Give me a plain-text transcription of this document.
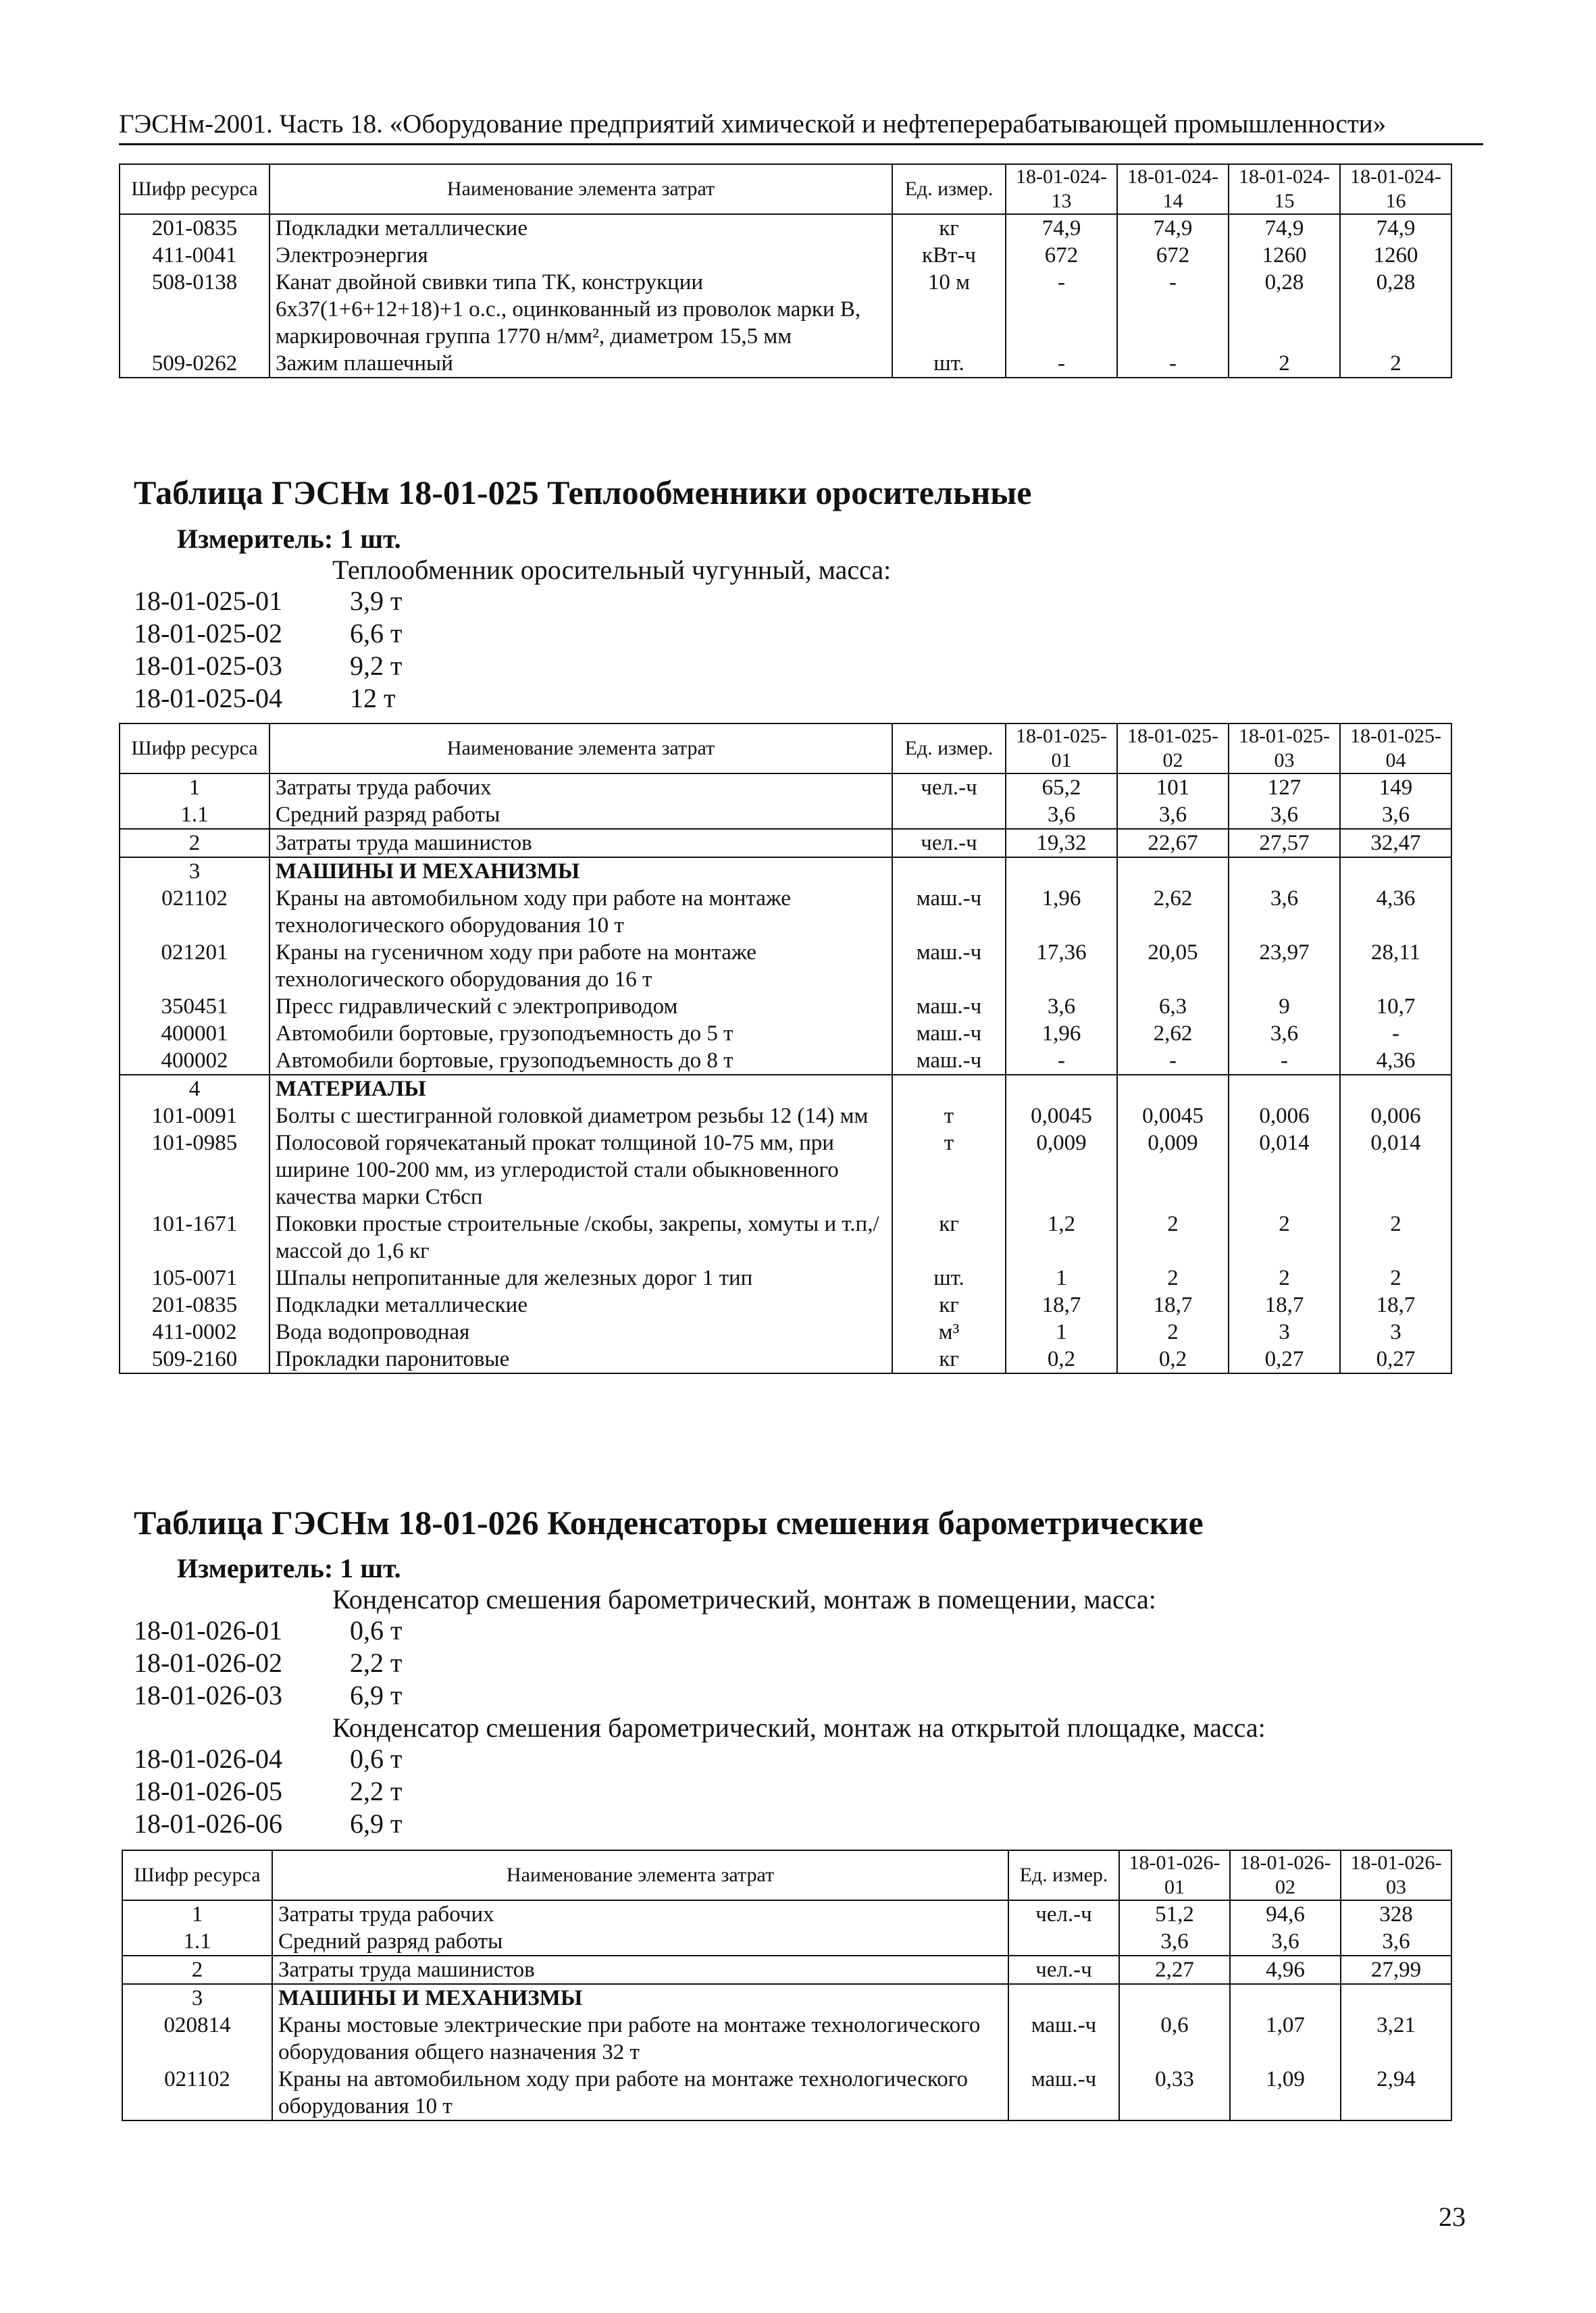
ГЭСНм-2001. Часть 18. «Оборудование предприятий химической и нефтеперерабатывающей промышленности»
Шифр ресурса	Наименование элемента затрат	Ед. измер.	18-01-024-13	18-01-024-14	18-01-024-15	18-01-024-16
201-0835	Подкладки металлические	кг	74,9	74,9	74,9	74,9
411-0041	Электроэнергия	кВт-ч	672	672	1260	1260
508-0138	Канат двойной свивки типа ТК, конструкции 6х37(1+6+12+18)+1 о.с., оцинкованный из проволок марки В, маркировочная группа 1770 н/мм², диаметром 15,5 мм	10 м	-	-	0,28	0,28
509-0262	Зажим плашечный	шт.	-	-	2	2
Таблица ГЭСНм 18-01-025 Теплообменники оросительные
Измеритель: 1 шт.
Теплообменник оросительный чугунный, масса:
18-01-025-01	3,9 т
18-01-025-02	6,6 т
18-01-025-03	9,2 т
18-01-025-04	12 т
Шифр ресурса	Наименование элемента затрат	Ед. измер.	18-01-025-01	18-01-025-02	18-01-025-03	18-01-025-04
1	Затраты труда рабочих	чел.-ч	65,2	101	127	149
1.1	Средний разряд работы		3,6	3,6	3,6	3,6
2	Затраты труда машинистов	чел.-ч	19,32	22,67	27,57	32,47
3	МАШИНЫ И МЕХАНИЗМЫ					
021102	Краны на автомобильном ходу при работе на монтаже технологического оборудования 10 т	маш.-ч	1,96	2,62	3,6	4,36
021201	Краны на гусеничном ходу при работе на монтаже технологического оборудования до 16 т	маш.-ч	17,36	20,05	23,97	28,11
350451	Пресс гидравлический с электроприводом	маш.-ч	3,6	6,3	9	10,7
400001	Автомобили бортовые, грузоподъемность до 5 т	маш.-ч	1,96	2,62	3,6	-
400002	Автомобили бортовые, грузоподъемность до 8 т	маш.-ч	-	-	-	4,36
4	МАТЕРИАЛЫ					
101-0091	Болты с шестигранной головкой диаметром резьбы 12 (14) мм	т	0,0045	0,0045	0,006	0,006
101-0985	Полосовой горячекатаный прокат толщиной 10-75 мм, при ширине 100-200 мм, из углеродистой стали обыкновенного качества марки Ст6сп	т	0,009	0,009	0,014	0,014
101-1671	Поковки простые строительные /скобы, закрепы, хомуты и т.п,/ массой до 1,6 кг	кг	1,2	2	2	2
105-0071	Шпалы непропитанные для железных дорог 1 тип	шт.	1	2	2	2
201-0835	Подкладки металлические	кг	18,7	18,7	18,7	18,7
411-0002	Вода водопроводная	м³	1	2	3	3
509-2160	Прокладки паронитовые	кг	0,2	0,2	0,27	0,27
Таблица ГЭСНм 18-01-026 Конденсаторы смешения барометрические
Измеритель: 1 шт.
Конденсатор смешения барометрический, монтаж в помещении, масса:
18-01-026-01	0,6 т
18-01-026-02	2,2 т
18-01-026-03	6,9 т
Конденсатор смешения барометрический, монтаж на открытой площадке, масса:
18-01-026-04	0,6 т
18-01-026-05	2,2 т
18-01-026-06	6,9 т
Шифр ресурса	Наименование элемента затрат	Ед. измер.	18-01-026-01	18-01-026-02	18-01-026-03
1	Затраты труда рабочих	чел.-ч	51,2	94,6	328
1.1	Средний разряд работы		3,6	3,6	3,6
2	Затраты труда машинистов	чел.-ч	2,27	4,96	27,99
3	МАШИНЫ И МЕХАНИЗМЫ				
020814	Краны мостовые электрические при работе на монтаже технологического оборудования общего назначения 32 т	маш.-ч	0,6	1,07	3,21
021102	Краны на автомобильном ходу при работе на монтаже технологического оборудования 10 т	маш.-ч	0,33	1,09	2,94
23
